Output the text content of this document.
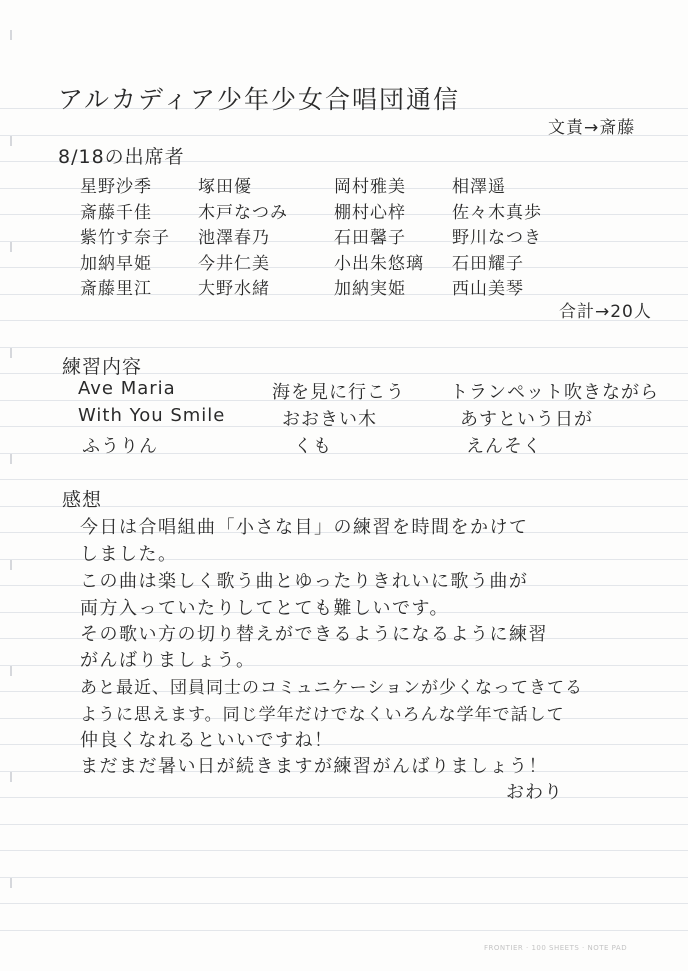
アルカディア少年少女合唱団通信
文責→斎藤
8/18の出席者
星野沙季
斎藤千佳
紫竹す奈子
加納早姫
斎藤里江
塚田優
木戸なつみ
池澤春乃
今井仁美
大野水緒
岡村雅美
棚村心梓
石田馨子
小出朱悠璃
加納実姫
相澤遥
佐々木真歩
野川なつき
石田耀子
西山美琴
合計→20人
練習内容
Ave Maria
With You Smile
ふうりん
海を見に行こう
おおきい木
くも
トランペット吹きながら
あすという日が
えんそく
感想
今日は合唱組曲「小さな目」の練習を時間をかけて
しました。
この曲は楽しく歌う曲とゆったりきれいに歌う曲が
両方入っていたりしてとても難しいです。
その歌い方の切り替えができるようになるように練習
がんばりましょう。
あと最近、団員同士のコミュニケーションが少くなってきてる
ように思えます。同じ学年だけでなくいろんな学年で話して
仲良くなれるといいですね！
まだまだ暑い日が続きますが練習がんばりましょう！
おわり
FRONTIER · 100 SHEETS · NOTE PAD
